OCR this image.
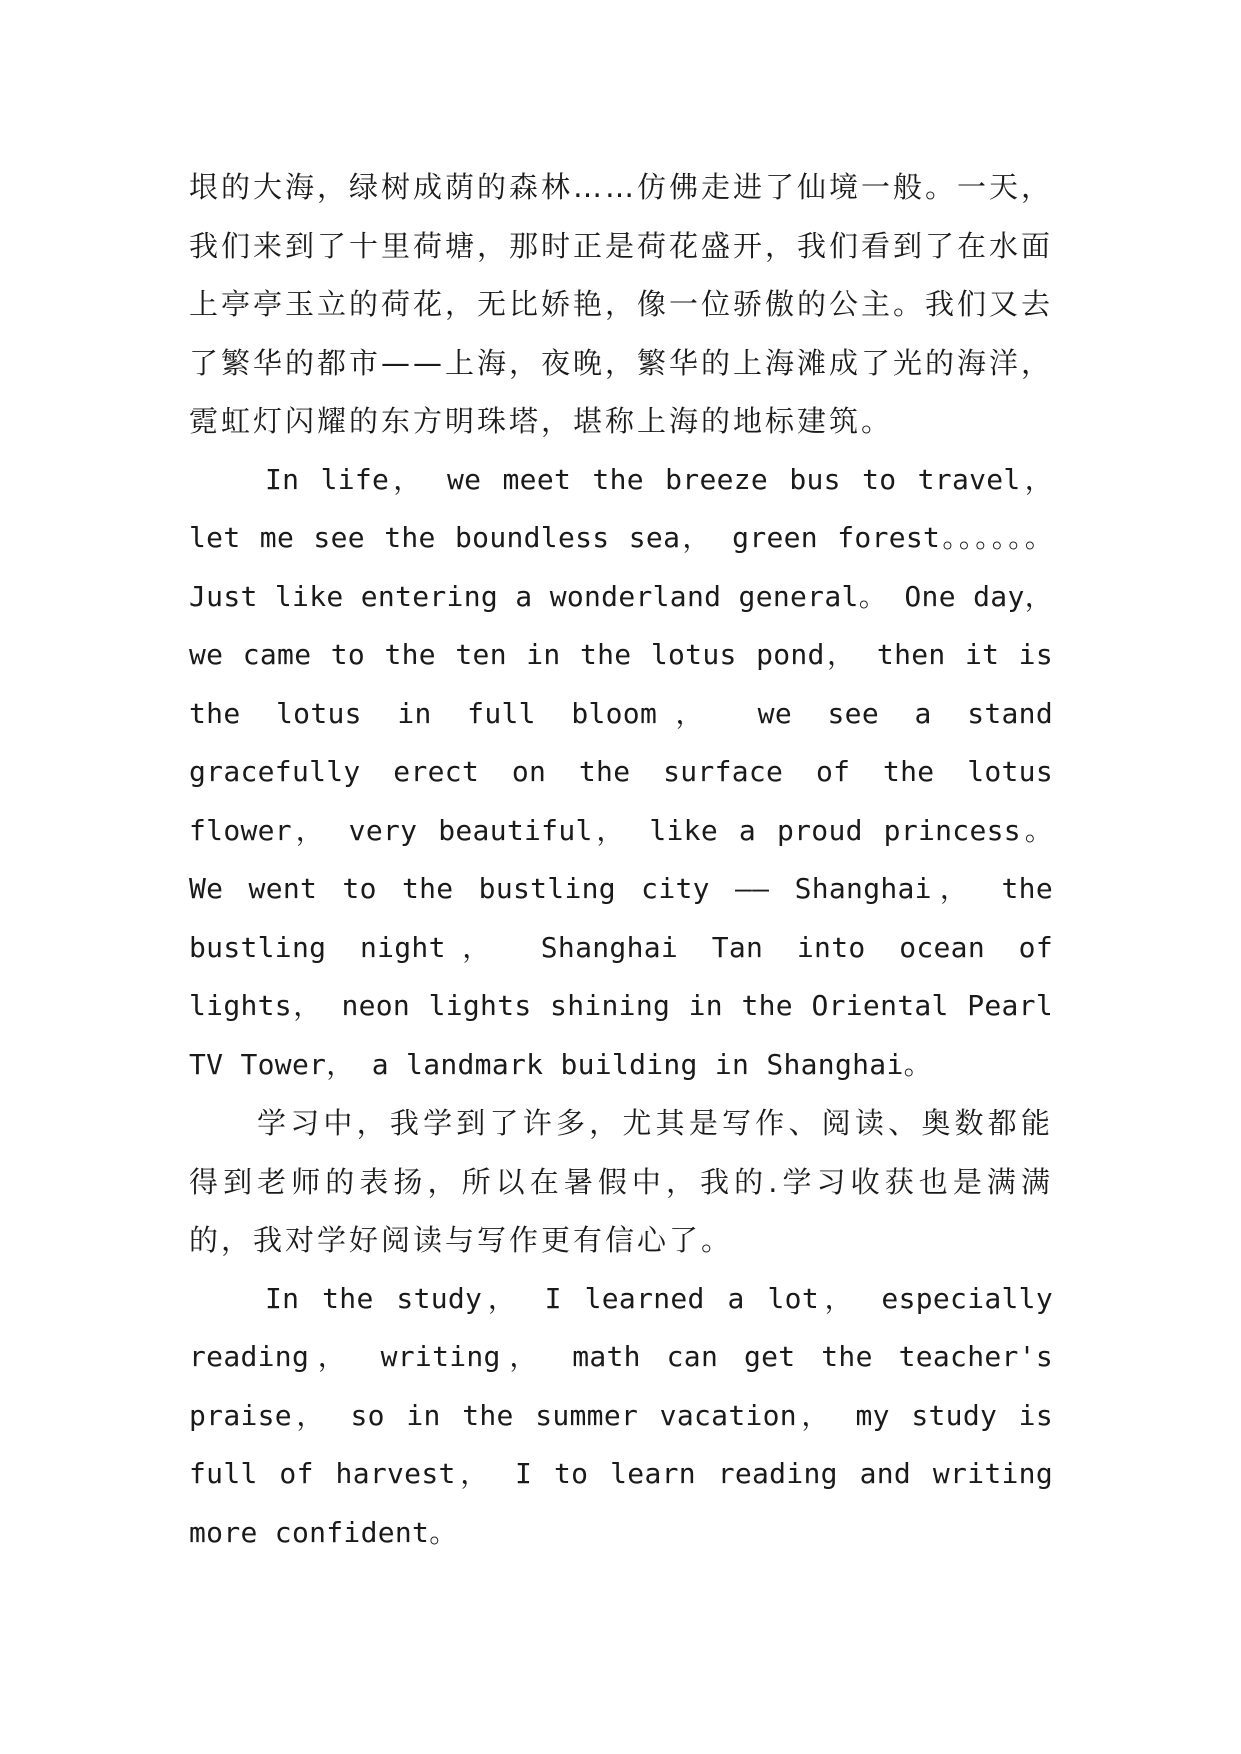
垠的大海，绿树成荫的森林……仿佛走进了仙境一般。一天，我们来到了十里荷塘，那时正是荷花盛开，我们看到了在水面上亭亭玉立的荷花，无比娇艳，像一位骄傲的公主。我们又去了繁华的都市——上海，夜晚，繁华的上海滩成了光的海洋，霓虹灯闪耀的东方明珠塔，堪称上海的地标建筑。

In life， we meet the breeze bus to travel， let me see the boundless sea， green forest。。。。。。 Just like entering a wonderland general。 One day， we came to the ten in the lotus pond， then it is the lotus in full bloom， we see a stand gracefully erect on the surface of the lotus flower， very beautiful， like a proud princess。 We went to the bustling city —— Shanghai， the bustling night， Shanghai Tan into ocean of lights， neon lights shining in the Oriental Pearl TV Tower， a landmark building in Shanghai。

学习中，我学到了许多，尤其是写作、阅读、奥数都能得到老师的表扬，所以在暑假中，我的.学习收获也是满满的，我对学好阅读与写作更有信心了。

In the study， I learned a lot， especially reading， writing， math can get the teacher's praise， so in the summer vacation， my study is full of harvest， I to learn reading and writing more confident。
